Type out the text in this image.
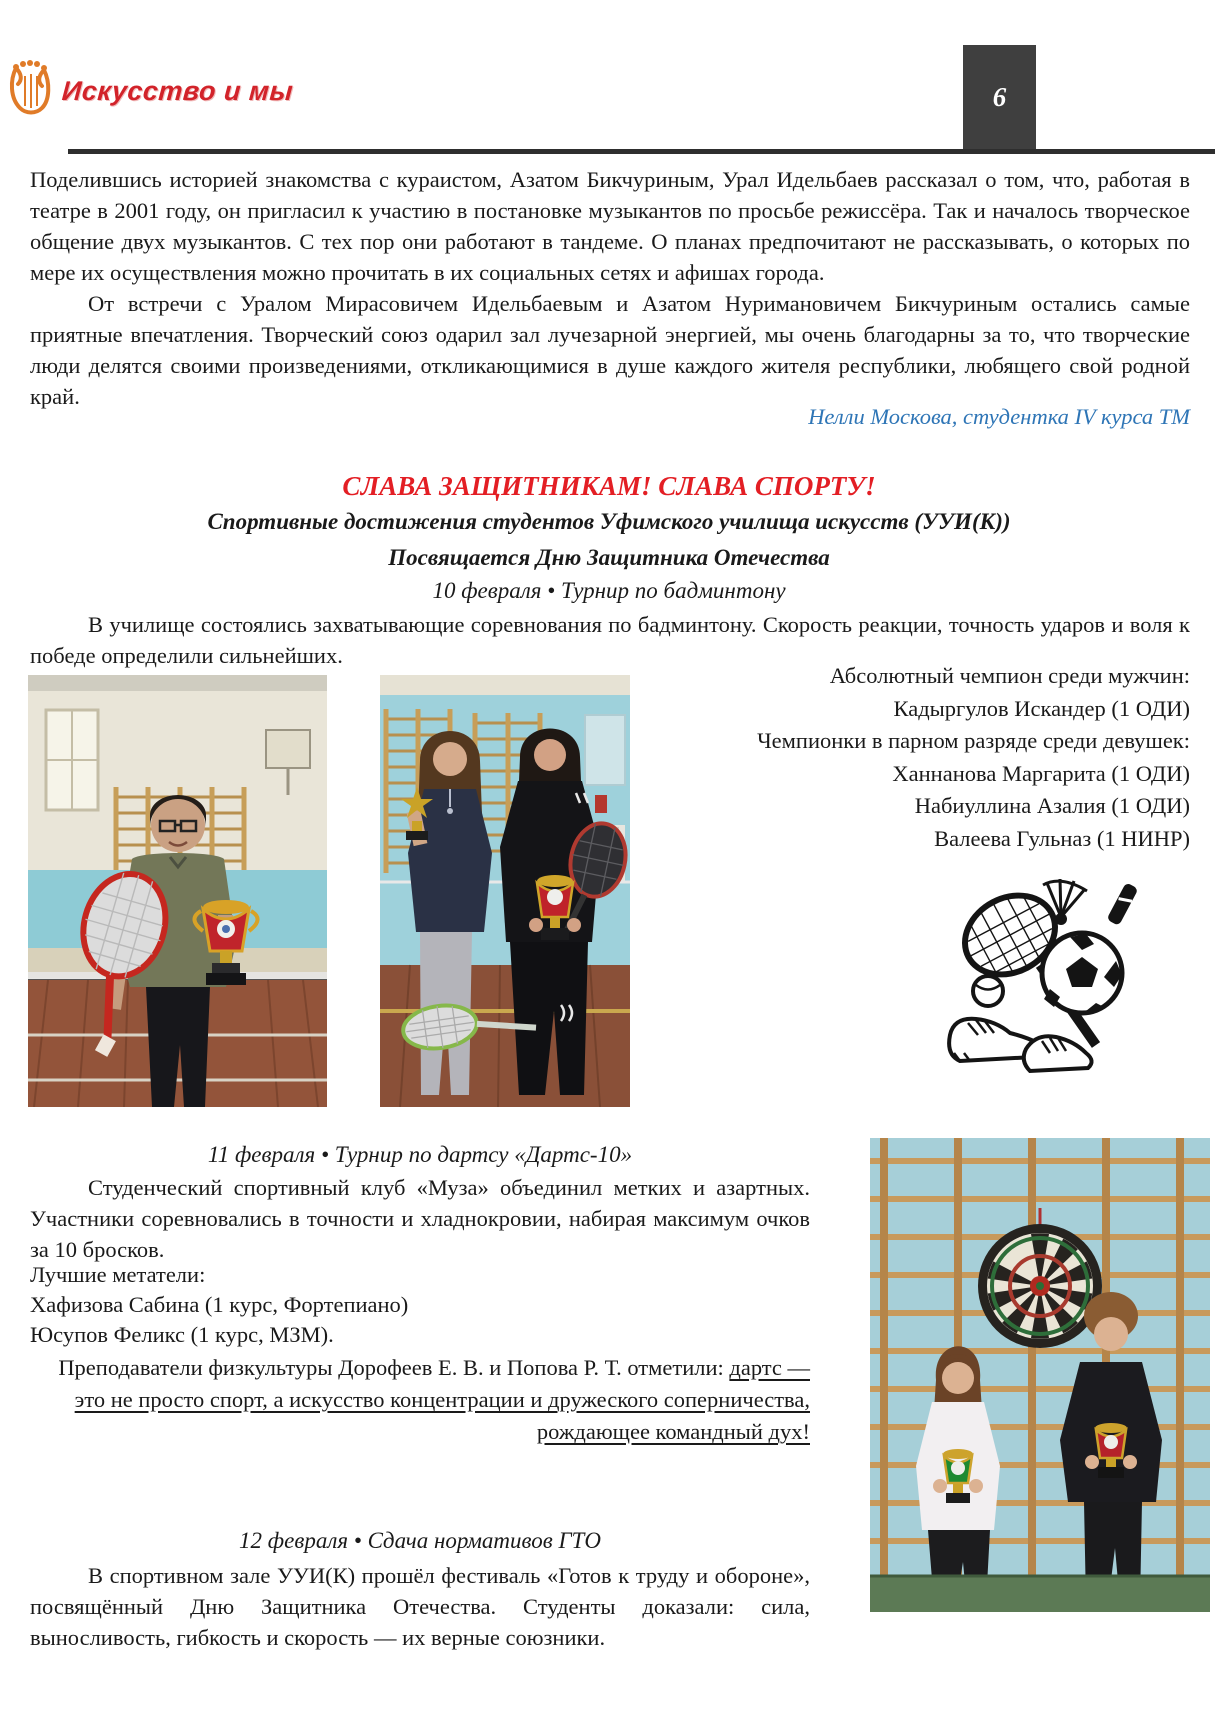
Искусство и мы	6

Поделившись историей знакомства с кураистом, Азатом Бикчуриным, Урал Идельбаев рассказал о том, что, работая в театре в 2001 году, он пригласил к участию в постановке музыкантов по просьбе режиссёра. Так и началось творческое общение двух музыкантов. С тех пор они работают в тандеме. О планах предпочитают не рассказывать, о которых по мере их осуществления можно прочитать в их социальных сетях и афишах города.

От встречи с Уралом Мирасовичем Идельбаевым и Азатом Нуримановичем Бикчуриным остались самые приятные впечатления. Творческий союз одарил зал лучезарной энергией, мы очень благодарны за то, что творческие люди делятся своими произведениями, откликающимися в душе каждого жителя республики, любящего свой родной край.

Нелли Москова, студентка IV курса ТМ
СЛАВА ЗАЩИТНИКАМ! СЛАВА СПОРТУ!
Спортивные достижения студентов Уфимского училища искусств (УУИ(К))
Посвящается Дню Защитника Отечества
10 февраля • Турнир по бадминтону
В училище состоялись захватывающие соревнования по бадминтону. Скорость реакции, точность ударов и воля к победе определили сильнейших.
Абсолютный чемпион среди мужчин:
Кадыргулов Искандер (1 ОДИ)
Чемпионки в парном разряде среди девушек:
Ханнанова Маргарита (1 ОДИ)
Набиуллина Азалия (1 ОДИ)
Валеева Гульназ (1 НИНР)
11 февраля • Турнир по дартсу «Дартс-10»
Студенческий спортивный клуб «Муза» объединил метких и азартных. Участники соревновались в точности и хладнокровии, набирая максимум очков за 10 бросков.
Лучшие метатели:
Хафизова Сабина (1 курс, Фортепиано)
Юсупов Феликс (1 курс, МЗМ).
Преподаватели физкультуры Дорофеев Е. В. и Попова Р. Т. отметили: дартс — это не просто спорт, а искусство концентрации и дружеского соперничества, рождающее командный дух!
12 февраля • Сдача нормативов ГТО
В спортивном зале УУИ(К) прошёл фестиваль «Готов к труду и обороне», посвящённый Дню Защитника Отечества. Студенты доказали: сила, выносливость, гибкость и скорость — их верные союзники.
